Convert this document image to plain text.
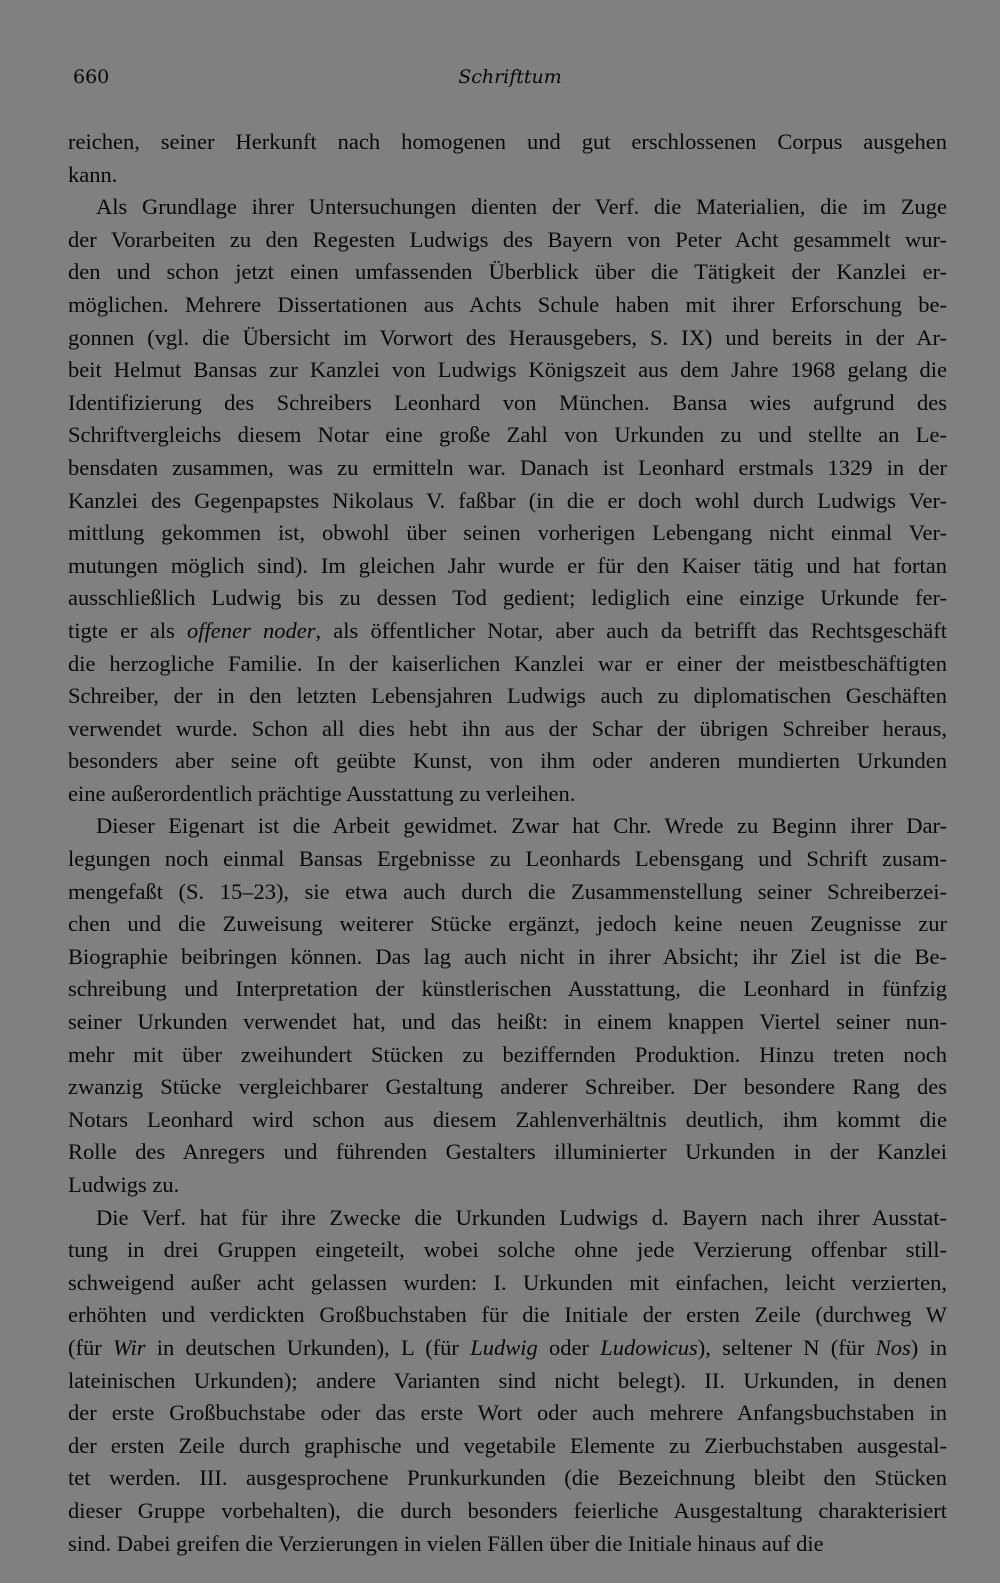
660	Schrifttum

reichen, seiner Herkunft nach homogenen und gut erschlossenen Corpus ausgehen
kann.

Als Grundlage ihrer Untersuchungen dienten der Verf. die Materialien, die im Zuge
der Vorarbeiten zu den Regesten Ludwigs des Bayern von Peter Acht gesammelt wur-
den und schon jetzt einen umfassenden Überblick über die Tätigkeit der Kanzlei er-
möglichen. Mehrere Dissertationen aus Achts Schule haben mit ihrer Erforschung be-
gonnen (vgl. die Übersicht im Vorwort des Herausgebers, S. IX) und bereits in der Ar-
beit Helmut Bansas zur Kanzlei von Ludwigs Königszeit aus dem Jahre 1968 gelang die
Identifizierung des Schreibers Leonhard von München. Bansa wies aufgrund des
Schriftvergleichs diesem Notar eine große Zahl von Urkunden zu und stellte an Le-
bensdaten zusammen, was zu ermitteln war. Danach ist Leonhard erstmals 1329 in der
Kanzlei des Gegenpapstes Nikolaus V. faßbar (in die er doch wohl durch Ludwigs Ver-
mittlung gekommen ist, obwohl über seinen vorherigen Lebengang nicht einmal Ver-
mutungen möglich sind). Im gleichen Jahr wurde er für den Kaiser tätig und hat fortan
ausschließlich Ludwig bis zu dessen Tod gedient; lediglich eine einzige Urkunde fer-
tigte er als offener noder, als öffentlicher Notar, aber auch da betrifft das Rechtsgeschäft
die herzogliche Familie. In der kaiserlichen Kanzlei war er einer der meistbeschäftigten
Schreiber, der in den letzten Lebensjahren Ludwigs auch zu diplomatischen Geschäften
verwendet wurde. Schon all dies hebt ihn aus der Schar der übrigen Schreiber heraus,
besonders aber seine oft geübte Kunst, von ihm oder anderen mundierten Urkunden
eine außerordentlich prächtige Ausstattung zu verleihen.

Dieser Eigenart ist die Arbeit gewidmet. Zwar hat Chr. Wrede zu Beginn ihrer Dar-
legungen noch einmal Bansas Ergebnisse zu Leonhards Lebensgang und Schrift zusam-
mengefaßt (S. 15–23), sie etwa auch durch die Zusammenstellung seiner Schreiberzei-
chen und die Zuweisung weiterer Stücke ergänzt, jedoch keine neuen Zeugnisse zur
Biographie beibringen können. Das lag auch nicht in ihrer Absicht; ihr Ziel ist die Be-
schreibung und Interpretation der künstlerischen Ausstattung, die Leonhard in fünfzig
seiner Urkunden verwendet hat, und das heißt: in einem knappen Viertel seiner nun-
mehr mit über zweihundert Stücken zu beziffernden Produktion. Hinzu treten noch
zwanzig Stücke vergleichbarer Gestaltung anderer Schreiber. Der besondere Rang des
Notars Leonhard wird schon aus diesem Zahlenverhältnis deutlich, ihm kommt die
Rolle des Anregers und führenden Gestalters illuminierter Urkunden in der Kanzlei
Ludwigs zu.

Die Verf. hat für ihre Zwecke die Urkunden Ludwigs d. Bayern nach ihrer Ausstat-
tung in drei Gruppen eingeteilt, wobei solche ohne jede Verzierung offenbar still-
schweigend außer acht gelassen wurden: I. Urkunden mit einfachen, leicht verzierten,
erhöhten und verdickten Großbuchstaben für die Initiale der ersten Zeile (durchweg W
(für Wir in deutschen Urkunden), L (für Ludwig oder Ludowicus), seltener N (für Nos) in
lateinischen Urkunden); andere Varianten sind nicht belegt). II. Urkunden, in denen
der erste Großbuchstabe oder das erste Wort oder auch mehrere Anfangsbuchstaben in
der ersten Zeile durch graphische und vegetabile Elemente zu Zierbuchstaben ausgestal-
tet werden. III. ausgesprochene Prunkurkunden (die Bezeichnung bleibt den Stücken
dieser Gruppe vorbehalten), die durch besonders feierliche Ausgestaltung charakterisiert
sind. Dabei greifen die Verzierungen in vielen Fällen über die Initiale hinaus auf die
